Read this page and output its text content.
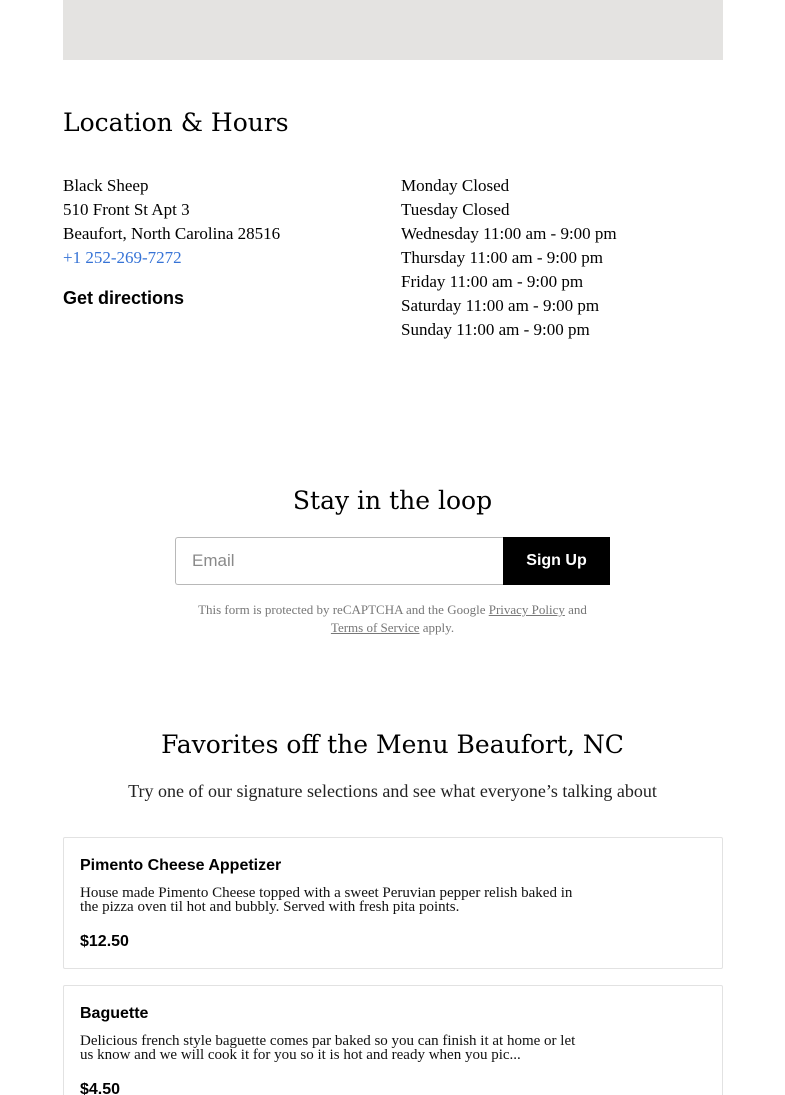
Location & Hours
Black Sheep
510 Front St Apt 3
Beaufort, North Carolina 28516
+1 252-269-7272
Get directions
Monday Closed
Tuesday Closed
Wednesday 11:00 am - 9:00 pm
Thursday 11:00 am - 9:00 pm
Friday 11:00 am - 9:00 pm
Saturday 11:00 am - 9:00 pm
Sunday 11:00 am - 9:00 pm
Stay in the loop
Email
Sign Up

This form is protected by reCAPTCHA and the Google Privacy Policy and
Terms of Service apply.

Favorites off the Menu Beaufort, NC

Try one of our signature selections and see what everyone’s talking about

Pimento Cheese Appetizer
House made Pimento Cheese topped with a sweet Peruvian pepper relish baked in the pizza oven til hot and bubbly. Served with fresh pita points.
$12.50
Baguette
Delicious french style baguette comes par baked so you can finish it at home or let us know and we will cook it for you so it is hot and ready when you pic...
$4.50
